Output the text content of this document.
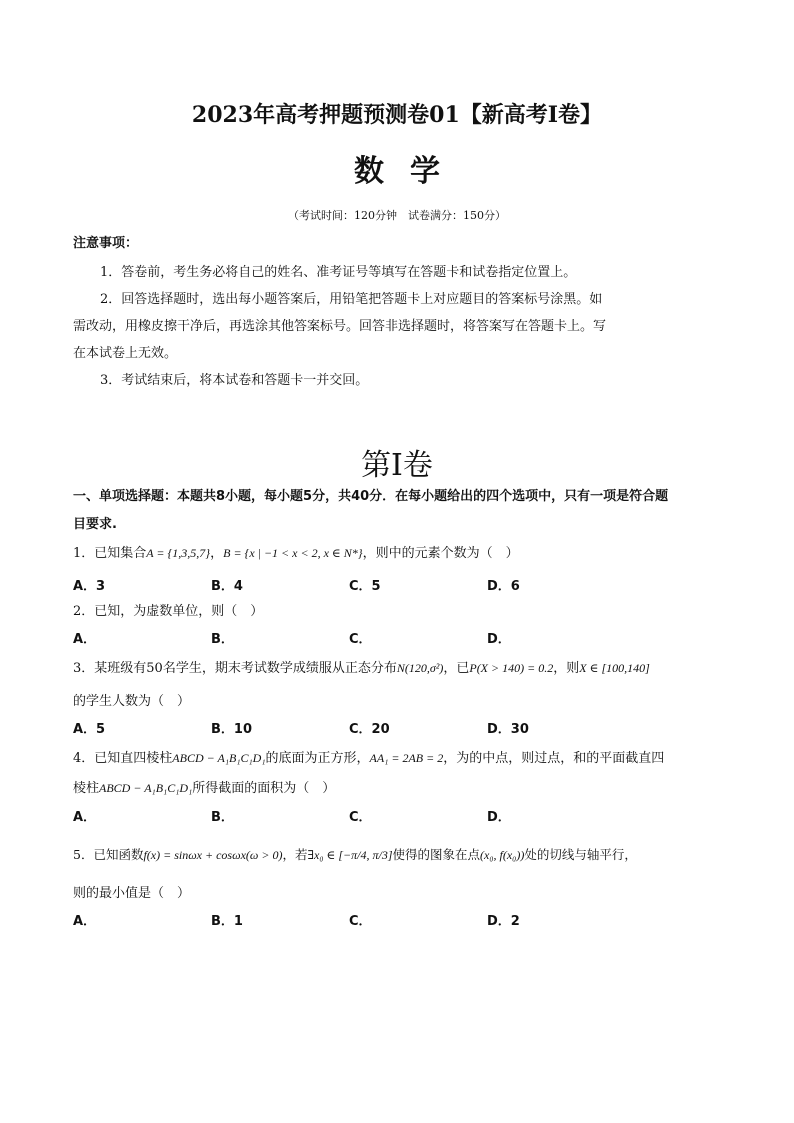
2023年高考押题预测卷01【新高考Ⅰ卷】
数学
（考试时间：120分钟　试卷满分：150分）
注意事项：
1．答卷前，考生务必将自己的姓名、准考证号等填写在答题卡和试卷指定位置上。
2．回答选择题时，选出每小题答案后，用铅笔把答题卡上对应题目的答案标号涂黑。如
需改动，用橡皮擦干净后，再选涂其他答案标号。回答非选择题时，将答案写在答题卡上。写
在本试卷上无效。
3．考试结束后，将本试卷和答题卡一并交回。
第Ⅰ卷
一、单项选择题：本题共8小题，每小题5分，共40分．在每小题给出的四个选项中，只有一项是符合题
目要求.
1．已知集合A = {1,3,5,7}，B = {x | −1 < x < 2, x ∈ N*}，则中的元素个数为（　）
A．3	B．4	C．5	D．6
2．已知，为虚数单位，则（　）
A．	B．	C．	D．
3．某班级有50名学生，期末考试数学成绩服从正态分布N(120,σ²)，已P(X > 140) = 0.2，则X ∈ [100,140]
的学生人数为（　）
A．5	B．10	C．20	D．30
4．已知直四棱柱ABCD − A₁B₁C₁D₁的底面为正方形，AA₁ = 2AB = 2，为的中点，则过点，和的平面截直四
棱柱ABCD − A₁B₁C₁D₁所得截面的面积为（　）
A．	B．	C．	D．
5．已知函数f(x) = sinωx + cosωx(ω > 0)，若∃x₀ ∈ [−π/4, π/3]使得的图象在点(x₀, f(x₀))处的切线与轴平行，
则的最小值是（　）
A．	B．1	C．	D．2
